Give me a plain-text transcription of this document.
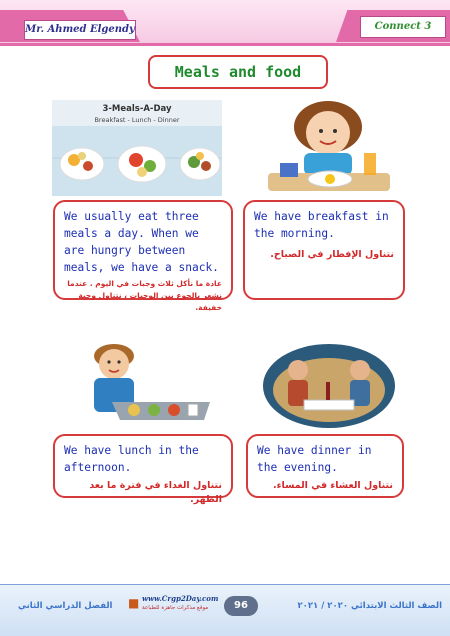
Mr. Ahmed Elgendy	Connect 3
Meals and food
3-Meals-A-Day
Breakfast - Lunch - Dinner

We usually eat three meals a day. When we are hungry between meals, we have a snack.

عادة ما نأكل ثلاث وجبات في اليوم . عندما نشعر بالجوع بين الوجبات ، نتناول وجبة خفيفة.

We have breakfast in the morning.

نتناول الإفطار في الصباح.

We have lunch in the afternoon.

نتناول الغداء في فترة ما بعد الظهر.

We have dinner in the evening.

نتناول العشاء في المساء.

الفصل الدراسي الثاني	■ www.Crgp2Day.com
موقع مذكرات جاهزة للطباعة	96	الصف الثالث الابتدائي ٢٠٢٠ / ٢٠٢١
